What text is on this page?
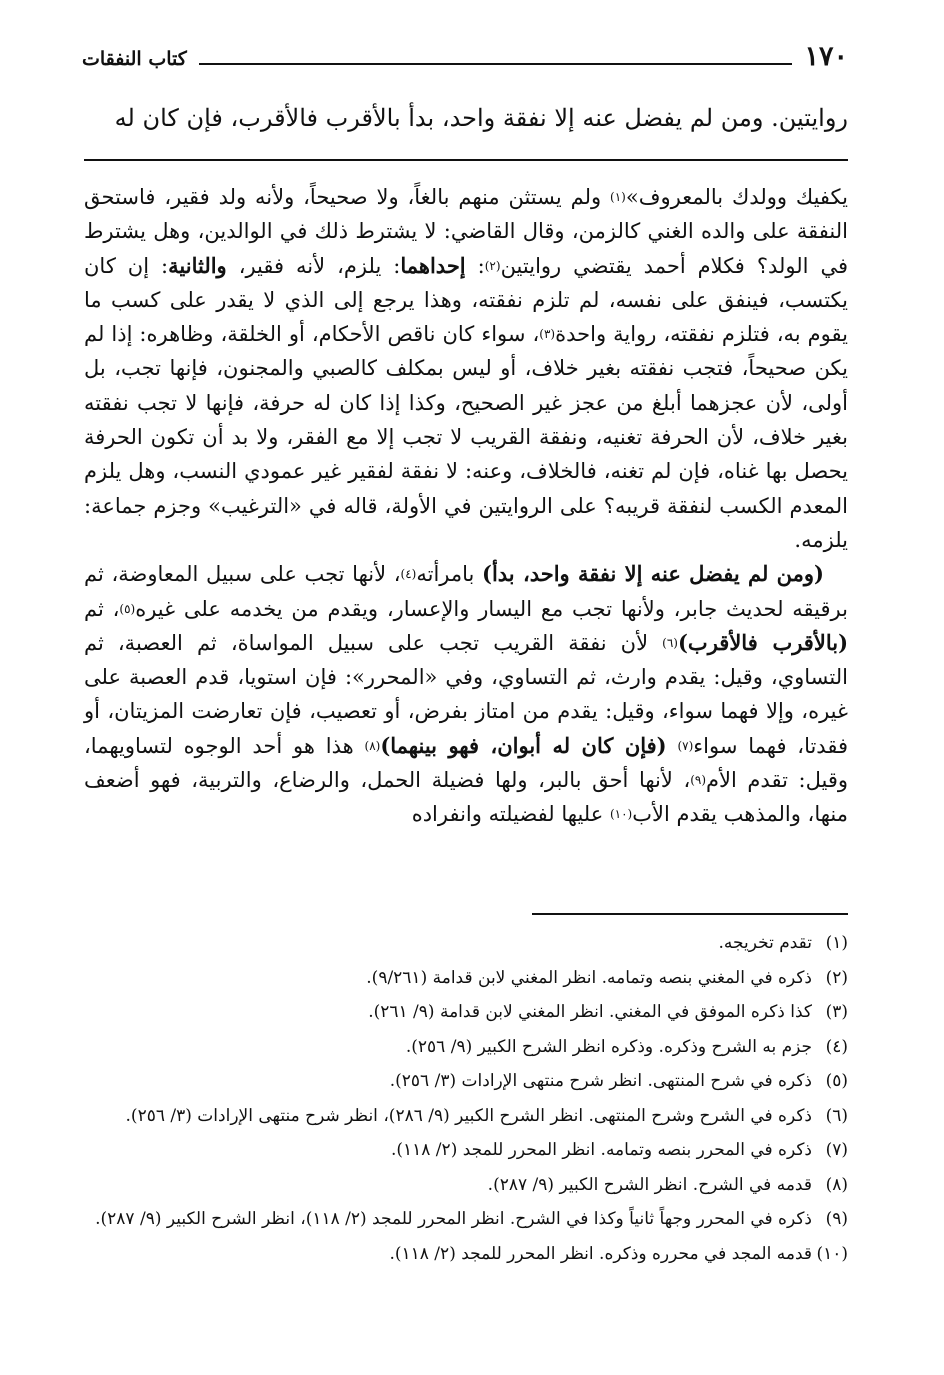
١٧٠
كتاب النفقات
روايتين. ومن لم يفضل عنه إلا نفقة واحد، بدأ بالأقرب فالأقرب، فإن كان له

يكفيك وولدك بالمعروف»$^{(١)}$ ولم يستثن منهم بالغاً، ولا صحيحاً، ولأنه ولد فقير، فاستحق النفقة على والده الغني كالزمن، وقال القاضي: لا يشترط ذلك في الوالدين، وهل يشترط في الولد؟ فكلام أحمد يقتضي روايتين$^{(٢)}$: إحداهما: يلزم، لأنه فقير، والثانية: إن كان يكتسب، فينفق على نفسه، لم تلزم نفقته، وهذا يرجع إلى الذي لا يقدر على كسب ما يقوم به، فتلزم نفقته، رواية واحدة$^{(٣)}$، سواء كان ناقص الأحكام، أو الخلقة، وظاهره: إذا لم يكن صحيحاً، فتجب نفقته بغير خلاف، أو ليس بمكلف كالصبي والمجنون، فإنها تجب، بل أولى، لأن عجزهما أبلغ من عجز غير الصحيح، وكذا إذا كان له حرفة، فإنها لا تجب نفقته بغير خلاف، لأن الحرفة تغنيه، ونفقة القريب لا تجب إلا مع الفقر، ولا بد أن تكون الحرفة يحصل بها غناه، فإن لم تغنه، فالخلاف، وعنه: لا نفقة لفقير غير عمودي النسب، وهل يلزم المعدم الكسب لنفقة قريبه؟ على الروايتين في الأولة، قاله في «الترغيب» وجزم جماعة: يلزمه.

(ومن لم يفضل عنه إلا نفقة واحد، بدأ) بامرأته$^{(٤)}$، لأنها تجب على سبيل المعاوضة، ثم برقيقه لحديث جابر، ولأنها تجب مع اليسار والإعسار، ويقدم من يخدمه على غيره$^{(٥)}$، ثم (بالأقرب فالأقرب)$^{(٦)}$ لأن نفقة القريب تجب على سبيل المواساة، ثم العصبة، ثم التساوي، وقيل: يقدم وارث، ثم التساوي، وفي «المحرر»: فإن استويا، قدم العصبة على غيره، وإلا فهما سواء، وقيل: يقدم من امتاز بفرض، أو تعصيب، فإن تعارضت المزيتان، أو فقدتا، فهما سواء$^{(٧)}$ (فإن كان له أبوان، فهو بينهما)$^{(٨)}$ هذا هو أحد الوجوه لتساويهما، وقيل: تقدم الأم$^{(٩)}$، لأنها أحق بالبر، ولها فضيلة الحمل، والرضاع، والتربية، فهو أضعف منها، والمذهب يقدم الأب$^{(١٠)}$ عليها لفضيلته وانفراده

(١)
تقدم تخريجه.
(٢)
ذكره في المغني بنصه وتمامه. انظر المغني لابن قدامة (٩/٢٦١).
(٣)
كذا ذكره الموفق في المغني. انظر المغني لابن قدامة (٩/ ٢٦١).
(٤)
جزم به الشرح وذكره. وذكره انظر الشرح الكبير (٩/ ٢٥٦).
(٥)
ذكره في شرح المنتهى. انظر شرح منتهى الإرادات (٣/ ٢٥٦).
(٦)
ذكره في الشرح وشرح المنتهى. انظر الشرح الكبير (٩/ ٢٨٦)، انظر شرح منتهى الإرادات (٣/ ٢٥٦).
(٧)
ذكره في المحرر بنصه وتمامه. انظر المحرر للمجد (٢/ ١١٨).
(٨)
قدمه في الشرح. انظر الشرح الكبير (٩/ ٢٨٧).
(٩)
ذكره في المحرر وجهاً ثانياً وكذا في الشرح. انظر المحرر للمجد (٢/ ١١٨)، انظر الشرح الكبير (٩/ ٢٨٧).
(١٠)
قدمه المجد في محرره وذكره. انظر المحرر للمجد (٢/ ١١٨).
